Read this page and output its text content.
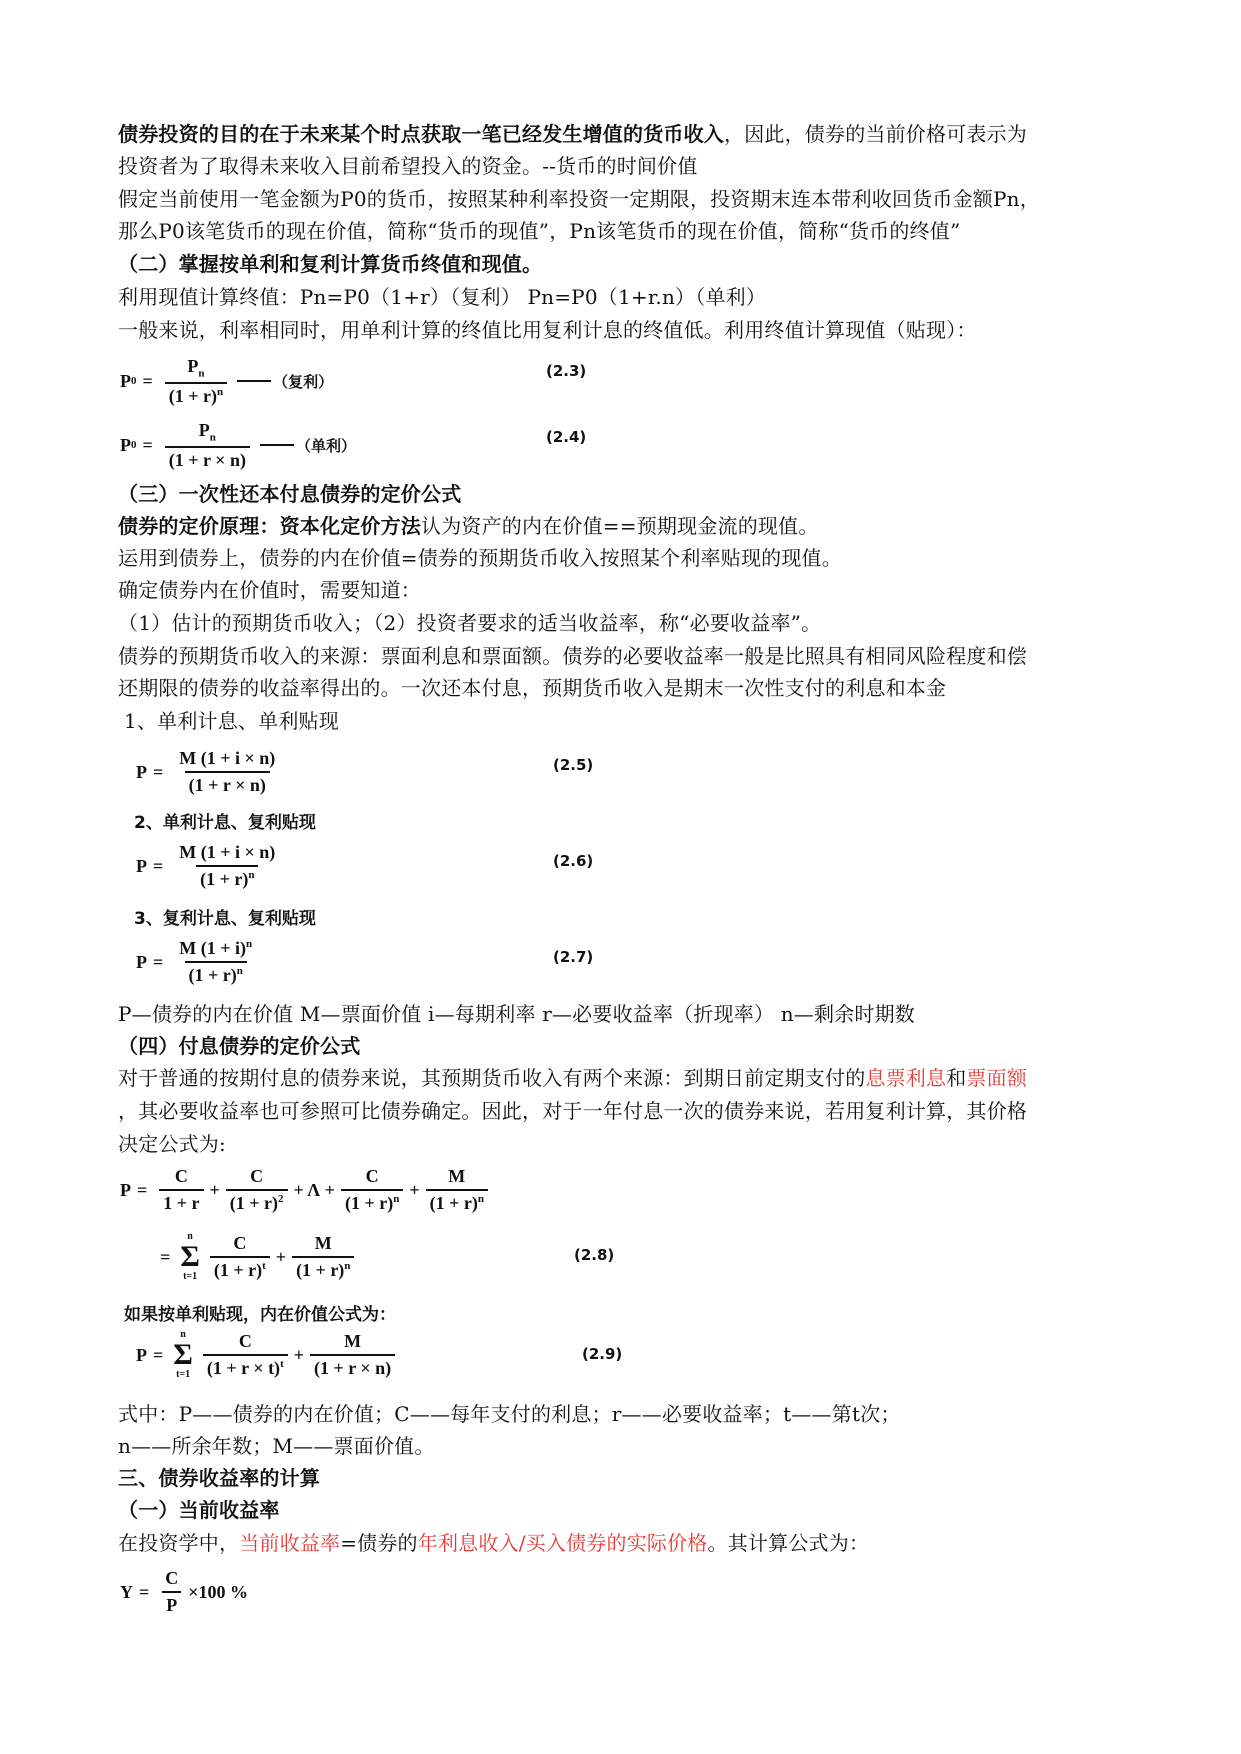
债券投资的目的在于未来某个时点获取一笔已经发生增值的货币收入，因此，债券的当前价格可表示为
投资者为了取得未来收入目前希望投入的资金。--货币的时间价值
假定当前使用一笔金额为P0的货币，按照某种利率投资一定期限，投资期末连本带利收回货币金额Pn，
那么P0该笔货币的现在价值，简称“货币的现值”，Pn该笔货币的现在价值，简称“货币的终值”
（二）掌握按单利和复利计算货币终值和现值。
利用现值计算终值：Pn=P0（1+r）（复利） Pn=P0（1+r.n）（单利）
一般来说，利率相同时，用单利计算的终值比用复利计息的终值低。利用终值计算现值（贴现）：
P $0 = \frac{P_n}{(1 + r)^n}$	（复利）
(2.3)
P $0 = \frac{P_n}{(1 + r \times n)}$	（单利）	(2.4)
（三）一次性还本付息债券的定价公式
债券的定价原理：资本化定价方法认为资产的内在价值==预期现金流的现值。
运用到债券上，债券的内在价值=债券的预期货币收入按照某个利率贴现的现值。
确定债券内在价值时，需要知道：
（1）估计的预期货币收入；（2）投资者要求的适当收益率，称“必要收益率”。
债券的预期货币收入的来源：票面利息和票面额。债券的必要收益率一般是比照具有相同风险程度和偿
还期限的债券的收益率得出的。一次还本付息，预期货币收入是期末一次性支付的利息和本金
1、单利计息、单利贴现
$P = \frac{M (1 + i \times n)}{(1 + r \times n)}$	(2.5)
2、单利计息、复利贴现
$P = \frac{M (1 + i \times n)}{(1 + r)^n}$	(2.6)
3、复利计息、复利贴现
$P = \frac{M (1 + i)^n}{(1 + r)^n}$	(2.7)
P—债券的内在价值 M—票面价值 i—每期利率 r—必要收益率（折现率） n—剩余时期数
（四）付息债券的定价公式
对于普通的按期付息的债券来说，其预期货币收入有两个来源：到期日前定期支付的息票利息和票面额
，其必要收益率也可参照可比债券确定。因此，对于一年付息一次的债券来说，若用复利计算，其价格
决定公式为:
$P = \frac{C}{1 + r} + \frac{C}{(1 + r)^2} + \Lambda + \frac{C}{(1 + r)^n} + \frac{M}{(1 + r)^n}$
=
n
Σ
$t=1 \frac{C}{(1 + r)^t} + \frac{M}{(1 + r)^n}$	(2.8)
如果按单利贴现，内在价值公式为：
P =
n
Σ
$t=1 \frac{C}{(1 + r \times t)^t} + \frac{M}{(1 + r \times n)}$	(2.9)
式中：P——债券的内在价值；C——每年支付的利息；r——必要收益率；t——第t次；
n——所余年数；M——票面价值。
三、债券收益率的计算
（一）当前收益率
在投资学中，当前收益率=债券的年利息收入/买入债券的实际价格。其计算公式为：
$Y = \frac{C}{P} \times 100$ %
